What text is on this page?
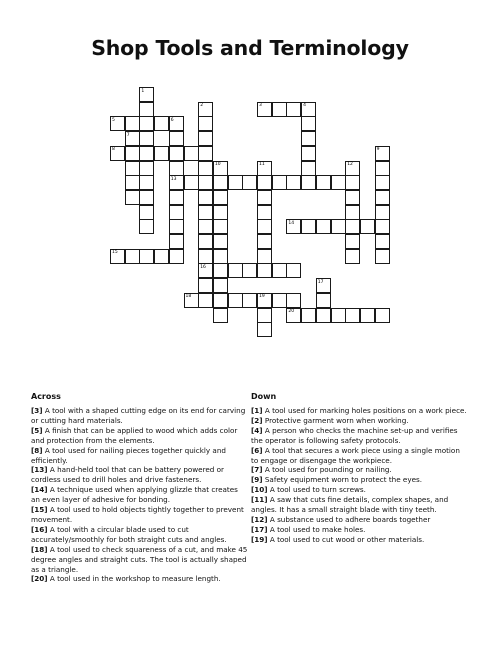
Shop Tools and Terminology
1
2	3	4
5	6
7
8	9
10	11	12
13
14
15
16
17
18	19
20
Across

[3] A tool with a shaped cutting edge on its end for carving or cutting hard materials.

[5] A finish that can be applied to wood which adds color and protection from the elements.

[8] A tool used for nailing pieces together quickly and efficiently.

[13] A hand-held tool that can be battery powered or cordless used to drill holes and drive fasteners.

[14] A technique used when applying glizzle that creates an even layer of adhesive for bonding.

[15] A tool used to hold objects tightly together to prevent movement.

[16] A tool with a circular blade used to cut accurately/smoothly for both straight cuts and angles.

[18] A tool used to check squareness of a cut, and make 45 degree angles and straight cuts. The tool is actually shaped as a triangle.

[20] A tool used in the workshop to measure length.

Down

[1] A tool used for marking holes positions on a work piece.

[2] Protective garment worn when working.

[4] A person who checks the machine set-up and verifies the operator is following safety protocols.

[6] A tool that secures a work piece using a single motion to engage or disengage the workpiece.

[7] A tool used for pounding or nailing.

[9] Safety equipment worn to protect the eyes.

[10] A tool used to turn screws.

[11] A saw that cuts fine details, complex shapes, and angles. It has a small straight blade with tiny teeth.

[12] A substance used to adhere boards together

[17] A tool used to make holes.

[19] A tool used to cut wood or other materials.
